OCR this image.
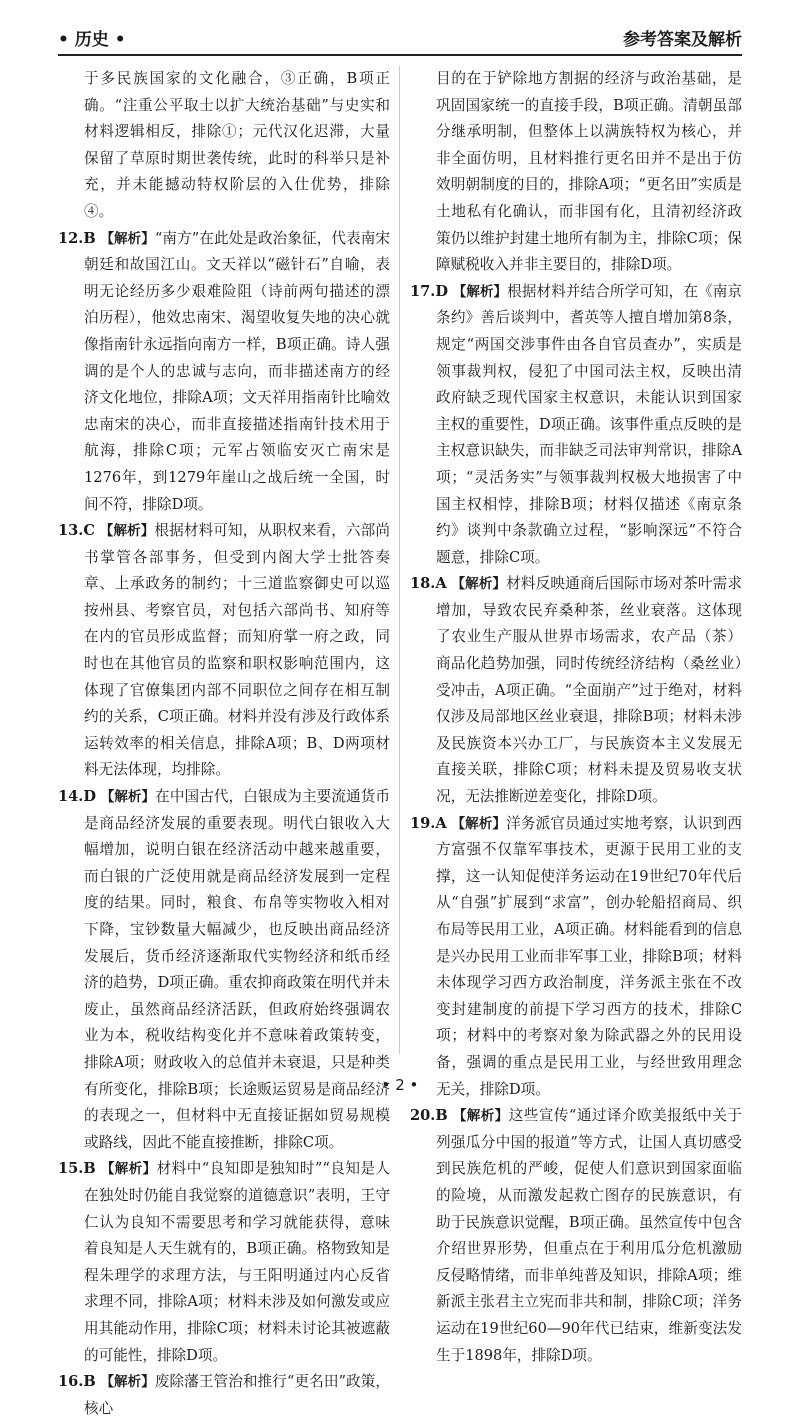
• 历史 •	参考答案及解析

于多民族国家的文化融合，③正确，B项正确。“注重公平取士以扩大统治基础”与史实和材料逻辑相反，排除①；元代汉化迟滞，大量保留了草原时期世袭传统，此时的科举只是补充，并未能撼动特权阶层的入仕优势，排除④。

12.B 【解析】“南方”在此处是政治象征，代表南宋朝廷和故国江山。文天祥以“磁针石”自喻，表明无论经历多少艰难险阻（诗前两句描述的漂泊历程），他效忠南宋、渴望收复失地的决心就像指南针永远指向南方一样，B项正确。诗人强调的是个人的忠诚与志向，而非描述南方的经济文化地位，排除A项；文天祥用指南针比喻效忠南宋的决心，而非直接描述指南针技术用于航海，排除C项；元军占领临安灭亡南宋是1276年，到1279年崖山之战后统一全国，时间不符，排除D项。

13.C 【解析】根据材料可知，从职权来看，六部尚书掌管各部事务，但受到内阁大学士批答奏章、上承政务的制约；十三道监察御史可以巡按州县、考察官员，对包括六部尚书、知府等在内的官员形成监督；而知府掌一府之政，同时也在其他官员的监察和职权影响范围内，这体现了官僚集团内部不同职位之间存在相互制约的关系，C项正确。材料并没有涉及行政体系运转效率的相关信息，排除A项；B、D两项材料无法体现，均排除。

14.D 【解析】在中国古代，白银成为主要流通货币是商品经济发展的重要表现。明代白银收入大幅增加，说明白银在经济活动中越来越重要，而白银的广泛使用就是商品经济发展到一定程度的结果。同时，粮食、布帛等实物收入相对下降，宝钞数量大幅减少，也反映出商品经济发展后，货币经济逐渐取代实物经济和纸币经济的趋势，D项正确。重农抑商政策在明代并未废止，虽然商品经济活跃，但政府始终强调农业为本，税收结构变化并不意味着政策转变，排除A项；财政收入的总值并未衰退，只是种类有所变化，排除B项；长途贩运贸易是商品经济的表现之一，但材料中无直接证据如贸易规模或路线，因此不能直接推断，排除C项。

15.B 【解析】材料中“良知即是独知时”“良知是人在独处时仍能自我觉察的道德意识”表明，王守仁认为良知不需要思考和学习就能获得，意味着良知是人天生就有的，B项正确。格物致知是程朱理学的求理方法，与王阳明通过内心反省求理不同，排除A项；材料未涉及如何激发或应用其能动作用，排除C项；材料未讨论其被遮蔽的可能性，排除D项。

16.B 【解析】废除藩王管治和推行“更名田”政策，核心

目的在于铲除地方割据的经济与政治基础，是巩固国家统一的直接手段，B项正确。清朝虽部分继承明制，但整体上以满族特权为核心，并非全面仿明，且材料推行更名田并不是出于仿效明朝制度的目的，排除A项；“更名田”实质是土地私有化确认，而非国有化，且清初经济政策仍以维护封建土地所有制为主，排除C项；保障赋税收入并非主要目的，排除D项。

17.D 【解析】根据材料并结合所学可知，在《南京条约》善后谈判中，耆英等人擅自增加第8条，规定“两国交涉事件由各自官员查办”，实质是领事裁判权，侵犯了中国司法主权，反映出清政府缺乏现代国家主权意识，未能认识到国家主权的重要性，D项正确。该事件重点反映的是主权意识缺失，而非缺乏司法审判常识，排除A项；“灵活务实”与领事裁判权极大地损害了中国主权相悖，排除B项；材料仅描述《南京条约》谈判中条款确立过程，“影响深远”不符合题意，排除C项。

18.A 【解析】材料反映通商后国际市场对茶叶需求增加，导致农民弃桑种茶，丝业衰落。这体现了农业生产服从世界市场需求，农产品（茶）商品化趋势加强，同时传统经济结构（桑丝业）受冲击，A项正确。“全面崩产”过于绝对，材料仅涉及局部地区丝业衰退，排除B项；材料未涉及民族资本兴办工厂，与民族资本主义发展无直接关联，排除C项；材料未提及贸易收支状况，无法推断逆差变化，排除D项。

19.A 【解析】洋务派官员通过实地考察，认识到西方富强不仅靠军事技术，更源于民用工业的支撑，这一认知促使洋务运动在19世纪70年代后从“自强”扩展到“求富”，创办轮船招商局、织布局等民用工业，A项正确。材料能看到的信息是兴办民用工业而非军事工业，排除B项；材料未体现学习西方政治制度，洋务派主张在不改变封建制度的前提下学习西方的技术，排除C项；材料中的考察对象为除武器之外的民用设备，强调的重点是民用工业，与经世致用理念无关，排除D项。

20.B 【解析】这些宣传“通过译介欧美报纸中关于列强瓜分中国的报道”等方式，让国人真切感受到民族危机的严峻，促使人们意识到国家面临的险境，从而激发起救亡图存的民族意识，有助于民族意识觉醒，B项正确。虽然宣传中包含介绍世界形势，但重点在于利用瓜分危机激励反侵略情绪，而非单纯普及知识，排除A项；维新派主张君主立宪而非共和制，排除C项；洋务运动在19世纪60—90年代已结束，维新变法发生于1898年，排除D项。

• 2 •
